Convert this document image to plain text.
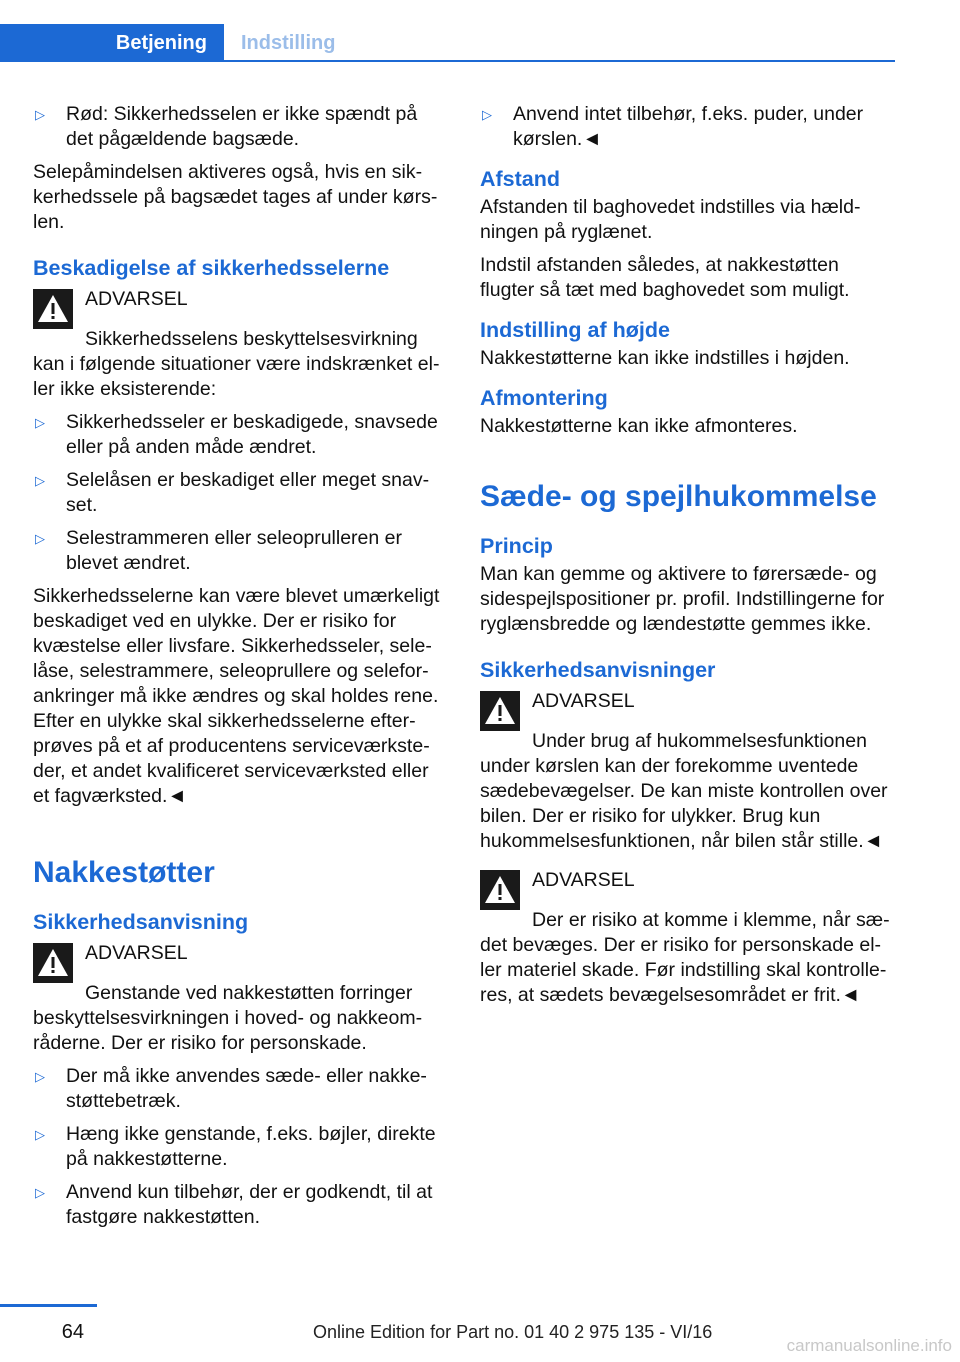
Betjening	Indstilling
▷	Rød: Sikkerhedsselen er ikke spændt på det pågældende bagsæde.

Selepåmindelsen aktiveres også, hvis en sikkerhedssele på bagsædet tages af under kørslen.

Beskadigelse af sikkerhedsselerne
ADVARSEL

Sikkerhedsselens beskyttelsesvirkning kan i følgende situationer være indskrænket eller ikke eksisterende:

▷	Sikkerhedsseler er beskadigede, snavsede eller på anden måde ændret.
▷	Selelåsen er beskadiget eller meget snavset.
▷	Selestrammeren eller seleoprulleren er blevet ændret.

Sikkerhedsselerne kan være blevet umærkeligt beskadiget ved en ulykke. Der er risiko for kvæstelse eller livsfare. Sikkerhedsseler, selelåse, selestrammere, seleoprullere og seleforankringer må ikke ændres og skal holdes rene. Efter en ulykke skal sikkerhedsselerne efterprøves på et af producentens serviceværksteder, et andet kvalificeret serviceværksted eller et fagværksted.◄

Nakkestøtter
Sikkerhedsanvisning
ADVARSEL

Genstande ved nakkestøtten forringer beskyttelsesvirkningen i hoved- og nakkeområderne. Der er risiko for personskade.

▷	Der må ikke anvendes sæde- eller nakkestøttebetræk.
▷	Hæng ikke genstande, f.eks. bøjler, direkte på nakkestøtterne.
▷	Anvend kun tilbehør, der er godkendt, til at fastgøre nakkestøtten.
▷	Anvend intet tilbehør, f.eks. puder, under kørslen.◄
Afstand

Afstanden til baghovedet indstilles via hældningen på ryglænet.

Indstil afstanden således, at nakkestøtten flugter så tæt med baghovedet som muligt.

Indstilling af højde

Nakkestøtterne kan ikke indstilles i højden.

Afmontering

Nakkestøtterne kan ikke afmonteres.

Sæde- og spejlhukommelse
Princip

Man kan gemme og aktivere to førersæde- og sidespejlspositioner pr. profil. Indstillingerne for ryglænsbredde og lændestøtte gemmes ikke.

Sikkerhedsanvisninger
ADVARSEL

Under brug af hukommelsesfunktionen under kørslen kan der forekomme uventede sædebevægelser. De kan miste kontrollen over bilen. Der er risiko for ulykker. Brug kun hukommelsesfunktionen, når bilen står stille.◄

ADVARSEL

Der er risiko at komme i klemme, når sædet bevæges. Der er risiko for personskade eller materiel skade. Før indstilling skal kontrolleres, at sædets bevægelsesområdet er frit.◄

64	Online Edition for Part no. 01 40 2 975 135 - VI/16
carmanualsonline.info
